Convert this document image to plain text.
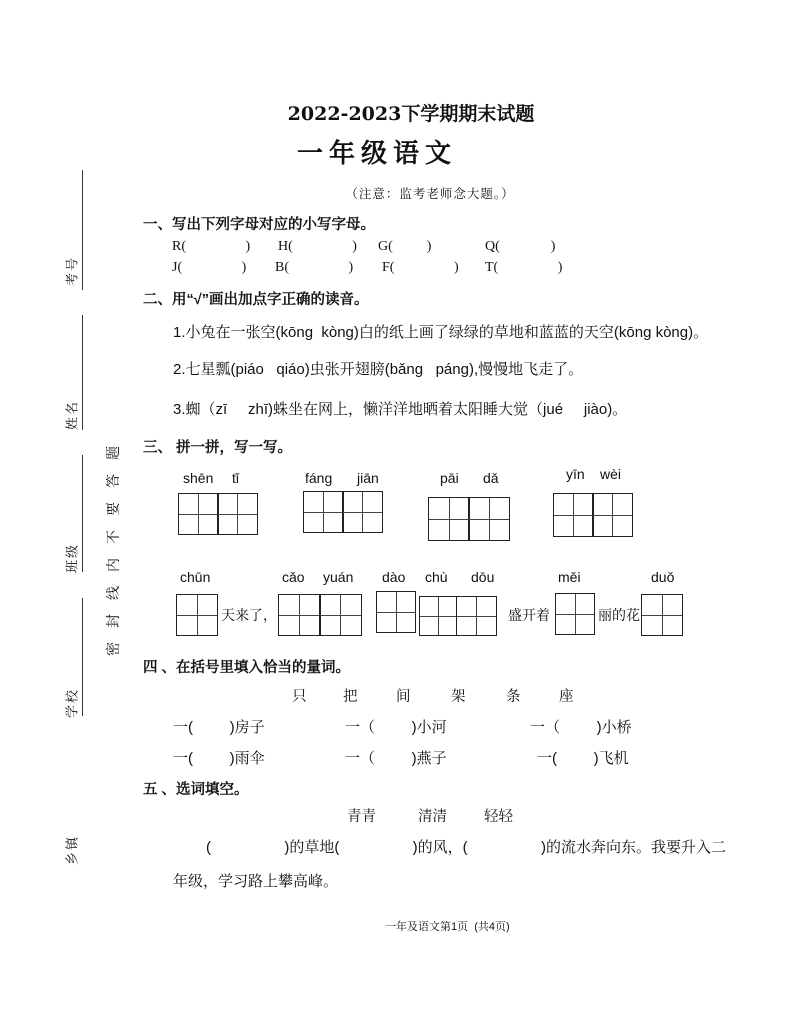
2022-2023下学期期末试题
一年级语文
（注意：监考老师念大题。）
考号
姓名
班级
学校
乡镇
密封线内不要答题
一、写出下列字母对应的小写字母。
R(       ) H(       ) G(    )	Q(      )
J(       ) B(       ) F(       ) T(       )
二、用“√”画出加点字正确的读音。
1.小兔在一张空(kōng  kòng)白的纸上画了绿绿的草地和蓝蓝的天空(kōng kòng)。
2.七星瓢(piáo   qiáo)虫张开翅膀(bǎng   páng),慢慢地飞走了。
3.蜘（zī     zhī)蛛坐在网上，懒洋洋地晒着太阳睡大觉（jué     jiào)。
三、 拼一拼，写一写。
shēn tǐ	fáng jiān	pāi dǎ	yīn wèi
chūn	cǎo yuán dào chù dōu	měi	duǒ
天来了，	盛开着	丽的花
四 、在括号里填入恰当的量词。
只	把	间	架	条	座
一(    )房子	一（    )小河	一（    )小桥
一(    )雨伞	一（    )燕子	一(    )飞机
五 、选词填空。
青青	清清	轻轻
(        )的草地(        )的风，(        )的流水奔向东。我要升入二
年级，学习路上攀高峰。
一年及语文第1页  (共4页)
